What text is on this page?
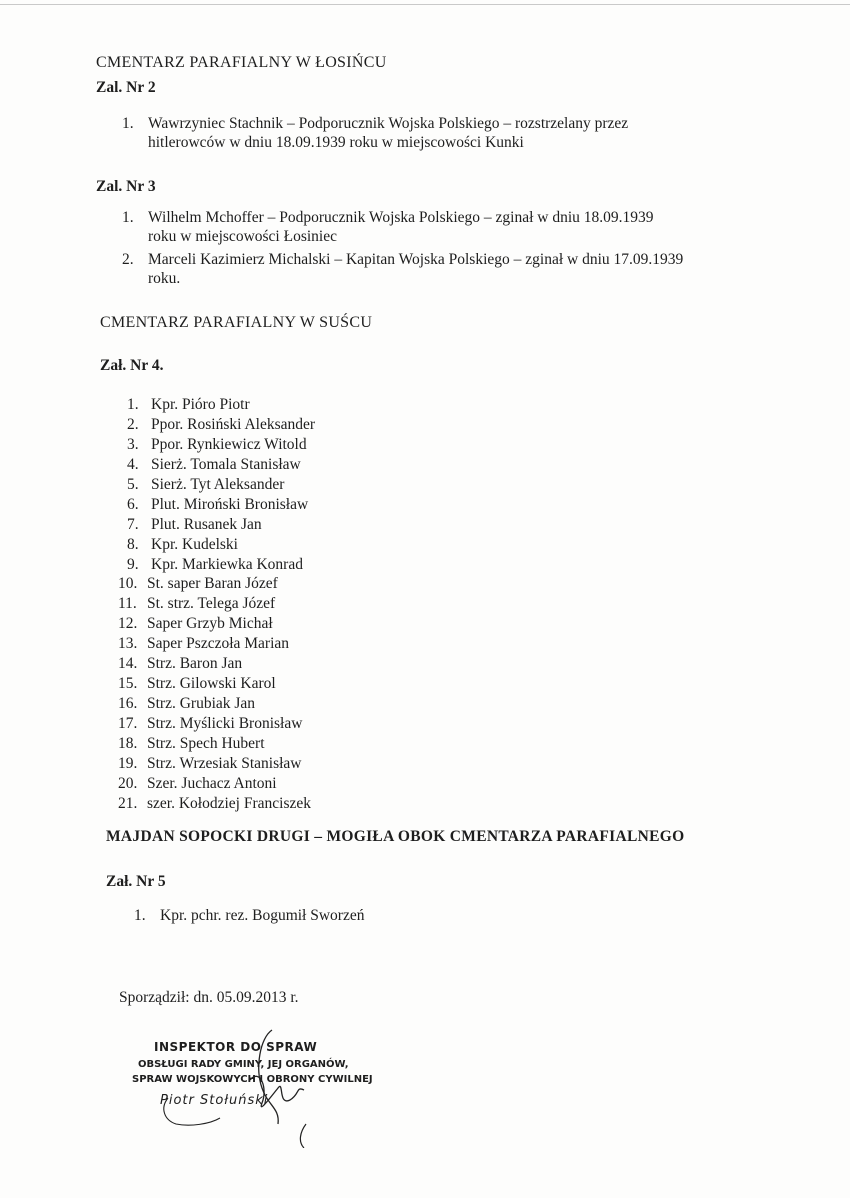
CMENTARZ PARAFIALNY W ŁOSIŃCU
Zal. Nr 2
1. Wawrzyniec Stachnik – Podporucznik Wojska Polskiego – rozstrzelany przez
hitlerowców w dniu 18.09.1939 roku w miejscowości Kunki
Zal. Nr 3
1. Wilhelm Mchoffer – Podporucznik Wojska Polskiego – zginał w dniu 18.09.1939
roku w miejscowości Łosiniec
2. Marceli Kazimierz Michalski – Kapitan Wojska Polskiego – zginał w dniu 17.09.1939
roku.
CMENTARZ PARAFIALNY W SUŚCU
Zał. Nr 4.
1. Kpr. Pióro Piotr
2. Ppor. Rosiński Aleksander
3. Ppor. Rynkiewicz Witold
4. Sierż. Tomala Stanisław
5. Sierż. Tyt Aleksander
6. Plut. Miroński Bronisław
7. Plut. Rusanek Jan
8. Kpr. Kudelski
9. Kpr. Markiewka Konrad
10. St. saper Baran Józef
11. St. strz. Telega Józef
12. Saper Grzyb Michał
13. Saper Pszczoła Marian
14. Strz. Baron Jan
15. Strz. Gilowski Karol
16. Strz. Grubiak Jan
17. Strz. Myślicki Bronisław
18. Strz. Spech Hubert
19. Strz. Wrzesiak Stanisław
20. Szer. Juchacz Antoni
21. szer. Kołodziej Franciszek
MAJDAN SOPOCKI DRUGI – MOGIŁA OBOK CMENTARZA PARAFIALNEGO
Zał. Nr 5
1. Kpr. pchr. rez. Bogumił Sworzeń
Sporządził: dn. 05.09.2013 r.
INSPEKTOR DO SPRAW
OBSŁUGI RADY GMINY, JEJ ORGANÓW,
SPRAW WOJSKOWYCH I OBRONY CYWILNEJ
Piotr Stołuński
